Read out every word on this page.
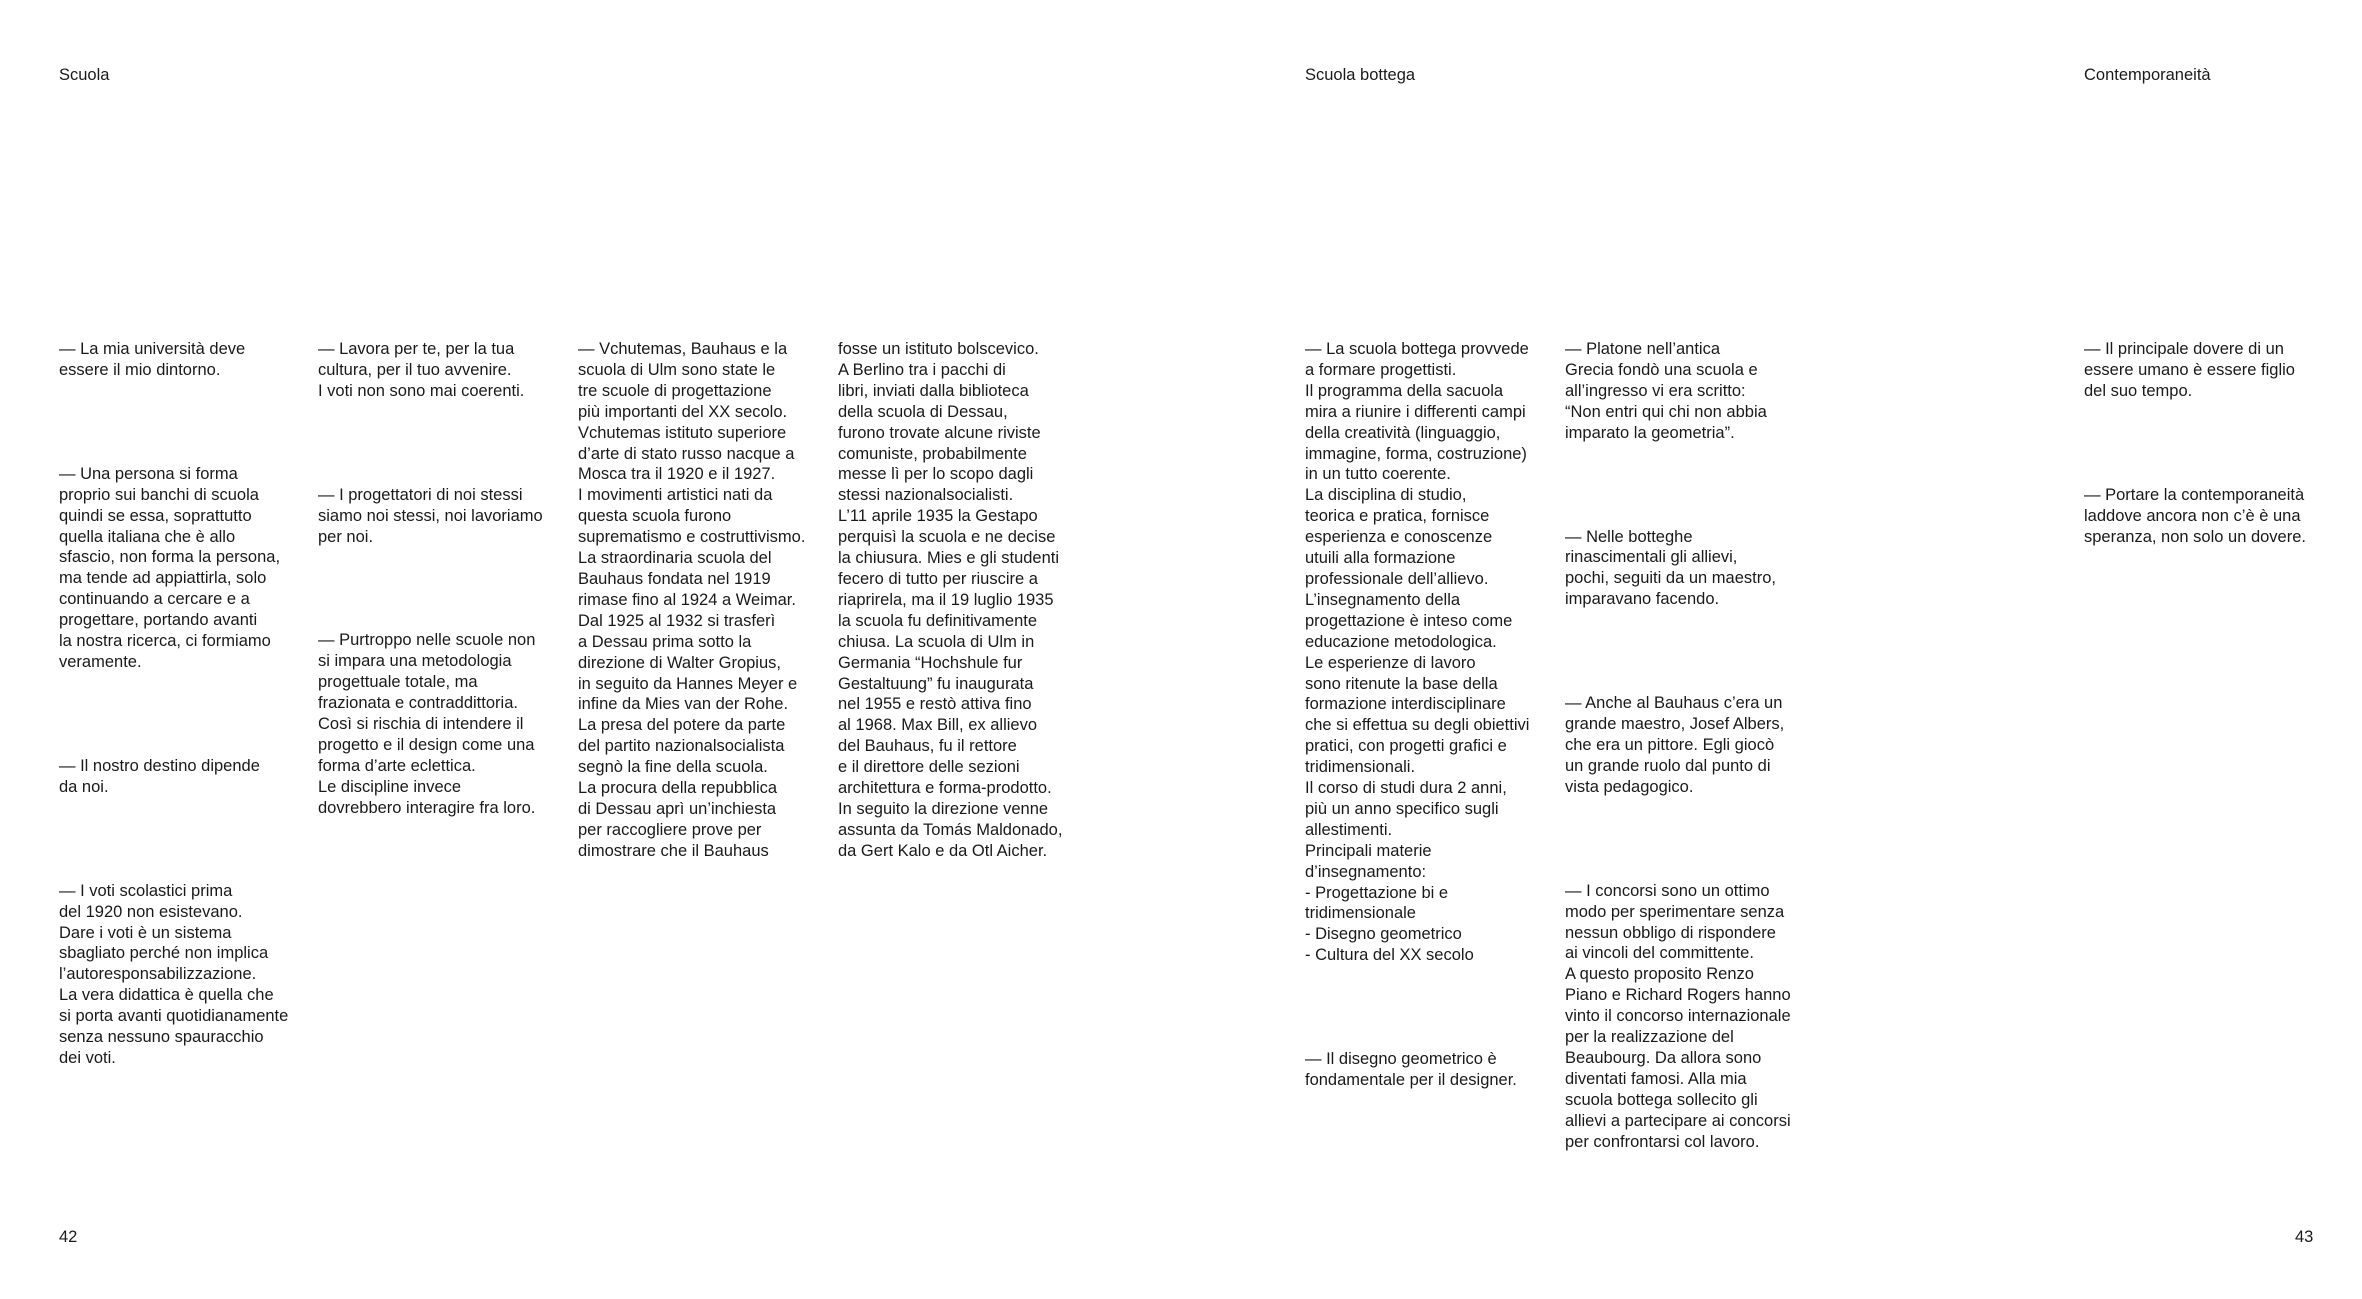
Scuola

— La mia università deve
essere il mio dintorno.

— Una persona si forma
proprio sui banchi di scuola
quindi se essa, soprattutto
quella italiana che è allo
sfascio, non forma la persona,
ma tende ad appiattirla, solo
continuando a cercare e a
progettare, portando avanti
la nostra ricerca, ci formiamo
veramente.

— Il nostro destino dipende
da noi.

— I voti scolastici prima
del 1920 non esistevano.
Dare i voti è un sistema
sbagliato perché non implica
l’autoresponsabilizzazione.
La vera didattica è quella che
si porta avanti quotidianamente
senza nessuno spauracchio
dei voti.

— Lavora per te, per la tua
cultura, per il tuo avvenire.
I voti non sono mai coerenti.

— I progettatori di noi stessi
siamo noi stessi, noi lavoriamo
per noi.

— Purtroppo nelle scuole non
si impara una metodologia
progettuale totale, ma
frazionata e contraddittoria.
Così si rischia di intendere il
progetto e il design come una
forma d’arte eclettica.
Le discipline invece
dovrebbero interagire fra loro.

— Vchutemas, Bauhaus e la
scuola di Ulm sono state le
tre scuole di progettazione
più importanti del XX secolo.
Vchutemas istituto superiore
d’arte di stato russo nacque a
Mosca tra il 1920 e il 1927.
I movimenti artistici nati da
questa scuola furono
suprematismo e costruttivismo.
La straordinaria scuola del
Bauhaus fondata nel 1919
rimase fino al 1924 a Weimar.
Dal 1925 al 1932 si trasferì
a Dessau prima sotto la
direzione di Walter Gropius,
in seguito da Hannes Meyer e
infine da Mies van der Rohe.
La presa del potere da parte
del partito nazionalsocialista
segnò la fine della scuola.
La procura della repubblica
di Dessau aprì un’inchiesta
per raccogliere prove per
dimostrare che il Bauhaus

fosse un istituto bolscevico.
A Berlino tra i pacchi di
libri, inviati dalla biblioteca
della scuola di Dessau,
furono trovate alcune riviste
comuniste, probabilmente
messe lì per lo scopo dagli
stessi nazionalsocialisti.
L’11 aprile 1935 la Gestapo
perquisì la scuola e ne decise
la chiusura. Mies e gli studenti
fecero di tutto per riuscire a
riaprirela, ma il 19 luglio 1935
la scuola fu definitivamente
chiusa. La scuola di Ulm in
Germania “Hochshule fur
Gestaltuung” fu inaugurata
nel 1955 e restò attiva fino
al 1968. Max Bill, ex allievo
del Bauhaus, fu il rettore
e il direttore delle sezioni
architettura e forma-prodotto.
In seguito la direzione venne
assunta da Tomás Maldonado,
da Gert Kalo e da Otl Aicher.

42
Scuola bottega	Contemporaneità

— La scuola bottega provvede
a formare progettisti.
Il programma della sacuola
mira a riunire i differenti campi
della creatività (linguaggio,
immagine, forma, costruzione)
in un tutto coerente.
La disciplina di studio,
teorica e pratica, fornisce
esperienza e conoscenze
utuili alla formazione
professionale dell’allievo.
L’insegnamento della
progettazione è inteso come
educazione metodologica.
Le esperienze di lavoro
sono ritenute la base della
formazione interdisciplinare
che si effettua su degli obiettivi
pratici, con progetti grafici e
tridimensionali.
Il corso di studi dura 2 anni,
più un anno specifico sugli
allestimenti.
Principali materie
d’insegnamento:
- Progettazione bi e
tridimensionale
- Disegno geometrico
- Cultura del XX secolo

— Il disegno geometrico è
fondamentale per il designer.

— Platone nell’antica
Grecia fondò una scuola e
all’ingresso vi era scritto:
“Non entri qui chi non abbia
imparato la geometria”.

— Nelle botteghe
rinascimentali gli allievi,
pochi, seguiti da un maestro,
imparavano facendo.

— Anche al Bauhaus c’era un
grande maestro, Josef Albers,
che era un pittore. Egli giocò
un grande ruolo dal punto di
vista pedagogico.

— I concorsi sono un ottimo
modo per sperimentare senza
nessun obbligo di rispondere
ai vincoli del committente.
A questo proposito Renzo
Piano e Richard Rogers hanno
vinto il concorso internazionale
per la realizzazione del
Beaubourg. Da allora sono
diventati famosi. Alla mia
scuola bottega sollecito gli
allievi a partecipare ai concorsi
per confrontarsi col lavoro.

— Il principale dovere di un
essere umano è essere figlio
del suo tempo.

— Portare la contemporaneità
laddove ancora non c’è è una
speranza, non solo un dovere.

43
